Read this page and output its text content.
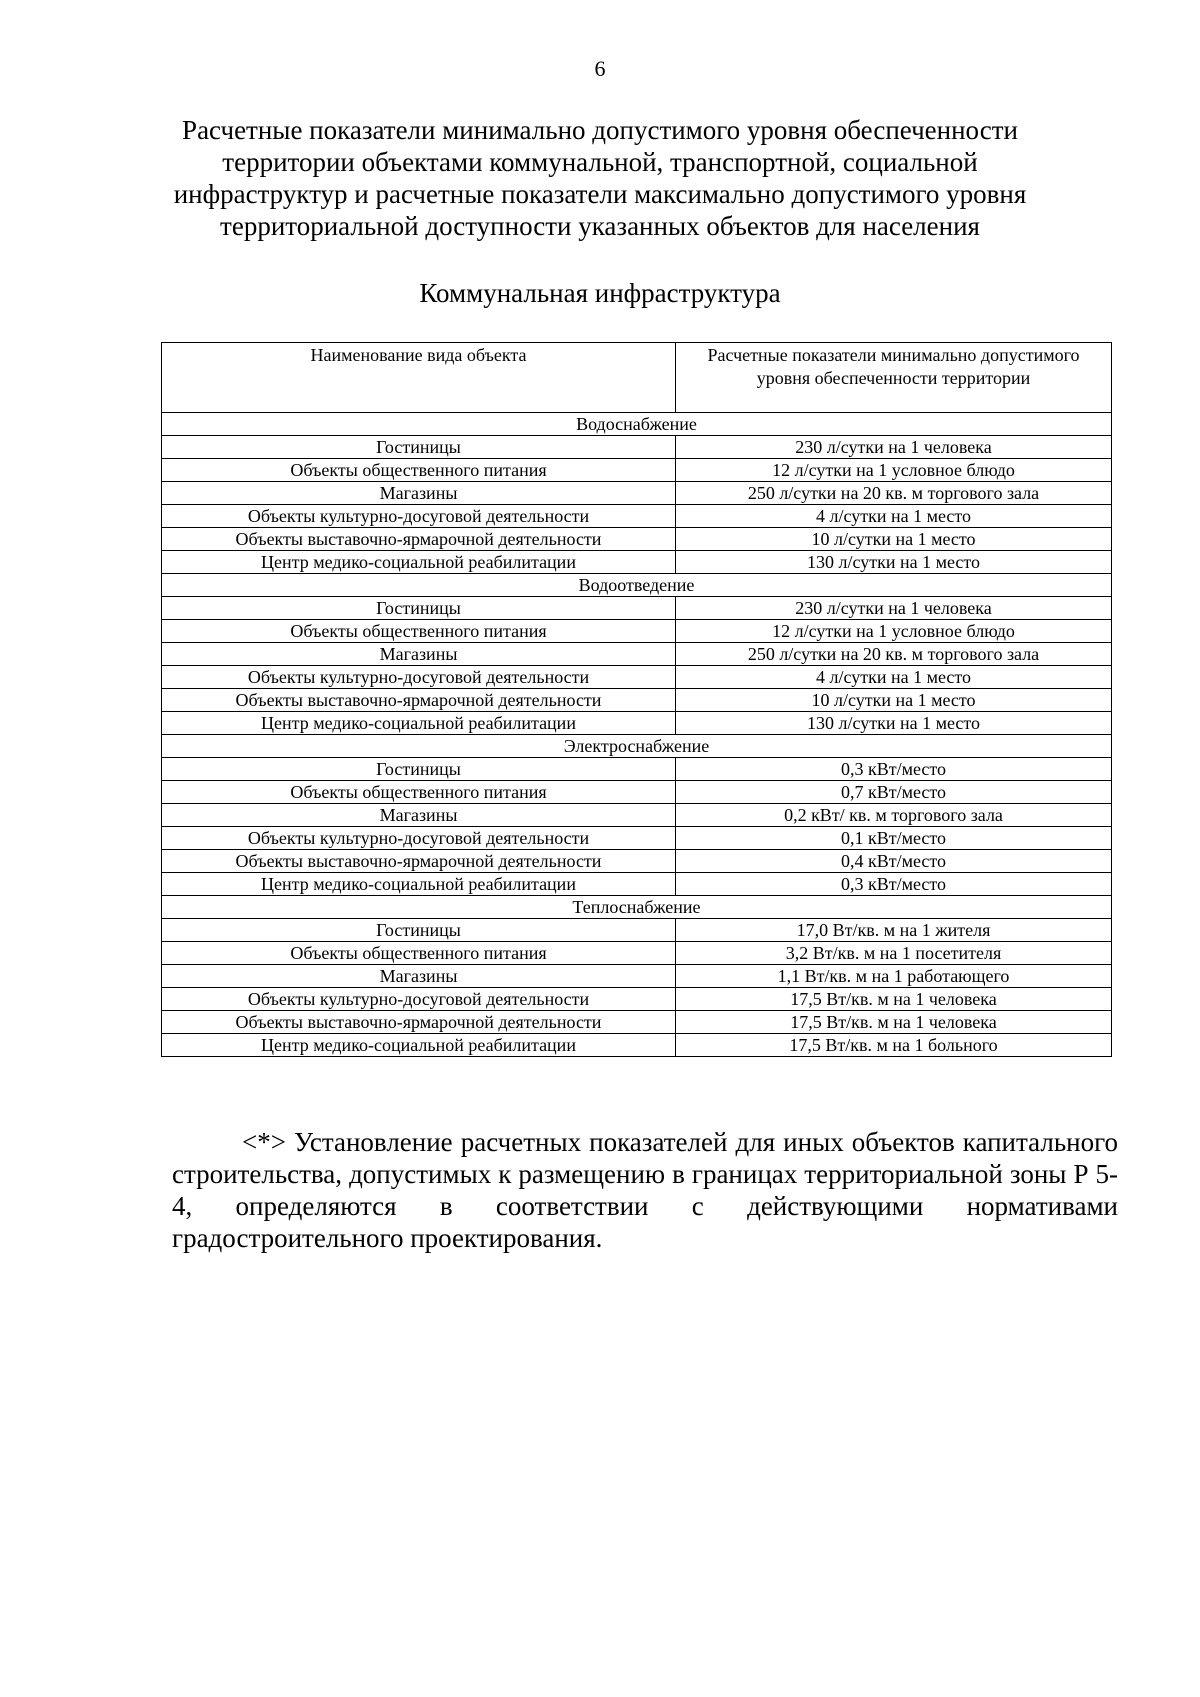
6
Расчетные показатели минимально допустимого уровня обеспеченности территории объектами коммунальной, транспортной, социальной инфраструктур и расчетные показатели максимально допустимого уровня территориальной доступности указанных объектов для населения
Коммунальная инфраструктура
Наименование вида объекта	Расчетные показатели минимально допустимого уровня обеспеченности территории
Водоснабжение	
Гостиницы	230 л/сутки на 1 человека
Объекты общественного питания	12 л/сутки на 1 условное блюдо
Магазины	250 л/сутки на 20 кв. м торгового зала
Объекты культурно-досуговой деятельности	4 л/сутки на 1 место
Объекты выставочно-ярмарочной деятельности	10 л/сутки на 1 место
Центр медико-социальной реабилитации	130 л/сутки на 1 место
Водоотведение	
Гостиницы	230 л/сутки на 1 человека
Объекты общественного питания	12 л/сутки на 1 условное блюдо
Магазины	250 л/сутки на 20 кв. м торгового зала
Объекты культурно-досуговой деятельности	4 л/сутки на 1 место
Объекты выставочно-ярмарочной деятельности	10 л/сутки на 1 место
Центр медико-социальной реабилитации	130 л/сутки на 1 место
Электроснабжение	
Гостиницы	0,3 кВт/место
Объекты общественного питания	0,7 кВт/место
Магазины	0,2 кВт/ кв. м торгового зала
Объекты культурно-досуговой деятельности	0,1 кВт/место
Объекты выставочно-ярмарочной деятельности	0,4 кВт/место
Центр медико-социальной реабилитации	0,3 кВт/место
Теплоснабжение	
Гостиницы	17,0 Вт/кв. м на 1 жителя
Объекты общественного питания	3,2 Вт/кв. м на 1 посетителя
Магазины	1,1 Вт/кв. м на 1 работающего
Объекты культурно-досуговой деятельности	17,5 Вт/кв. м на 1 человека
Объекты выставочно-ярмарочной деятельности	17,5 Вт/кв. м на 1 человека
Центр медико-социальной реабилитации	17,5 Вт/кв. м на 1 больного
<*> Установление расчетных показателей для иных объектов капитального строительства, допустимых к размещению в границах территориальной зоны Р 5-4, определяются в соответствии с действующими нормативами градостроительного проектирования.
